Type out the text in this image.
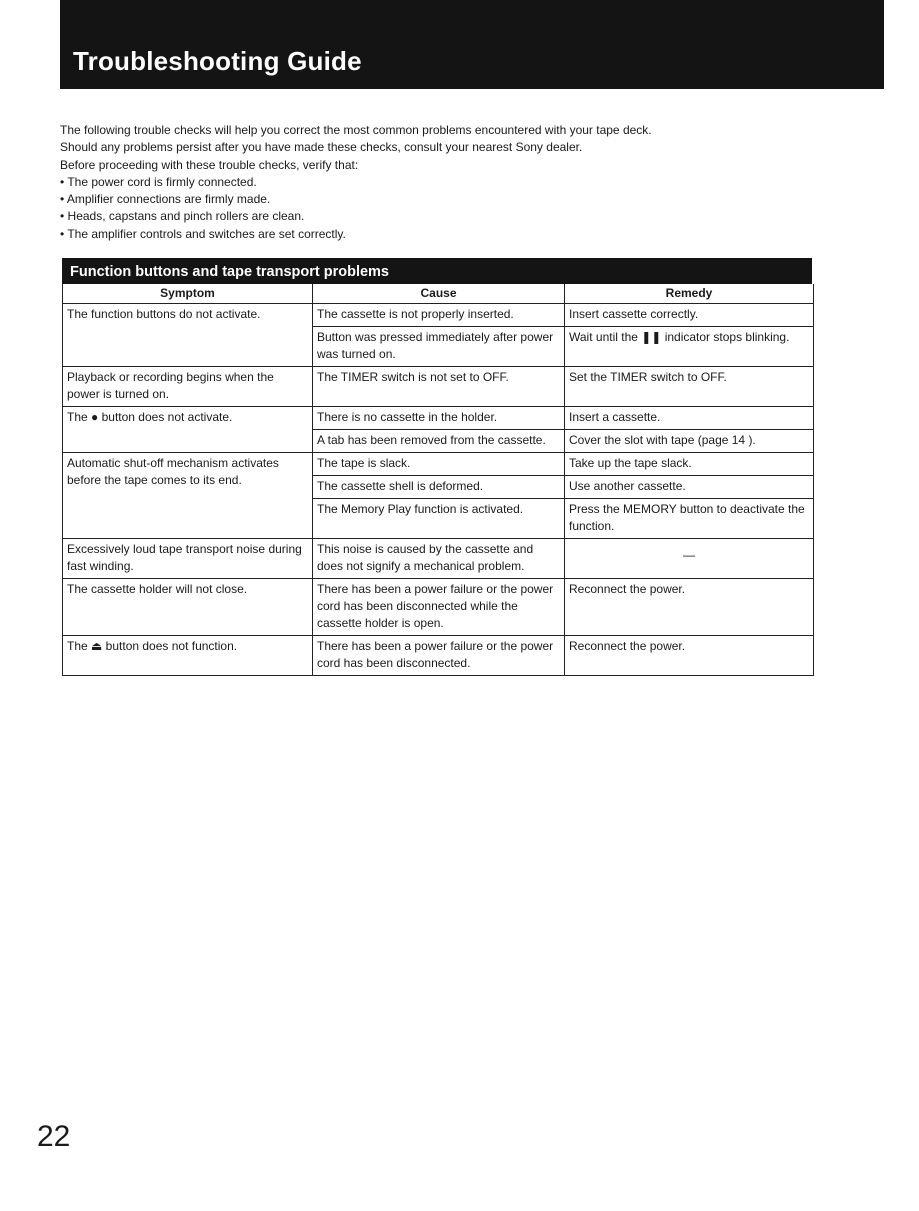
Troubleshooting Guide
The following trouble checks will help you correct the most common problems encountered with your tape deck.
Should any problems persist after you have made these checks, consult your nearest Sony dealer.
Before proceeding with these trouble checks, verify that:
• The power cord is firmly connected.
• Amplifier connections are firmly made.
• Heads, capstans and pinch rollers are clean.
• The amplifier controls and switches are set correctly.
Function buttons and tape transport problems
Symptom	Cause	Remedy
The function buttons do not activate.	The cassette is not properly inserted.	Insert cassette correctly.
	Button was pressed immediately after power was turned on.	Wait until the ❚❚ indicator stops blinking.
Playback or recording begins when the power is turned on.	The TIMER switch is not set to OFF.	Set the TIMER switch to OFF.
The ● button does not activate.	There is no cassette in the holder.	Insert a cassette.
	A tab has been removed from the cassette.	Cover the slot with tape (page 14 ).
Automatic shut-off mechanism activates before the tape comes to its end.	The tape is slack.	Take up the tape slack.
	The cassette shell is deformed.	Use another cassette.
	The Memory Play function is activated.	Press the MEMORY button to deactivate the function.
Excessively loud tape transport noise during fast winding.	This noise is caused by the cassette and does not signify a mechanical problem.	—
The cassette holder will not close.	There has been a power failure or the power cord has been disconnected while the cassette holder is open.	Reconnect the power.
The ⏏ button does not function.	There has been a power failure or the power cord has been disconnected.	Reconnect the power.
22
